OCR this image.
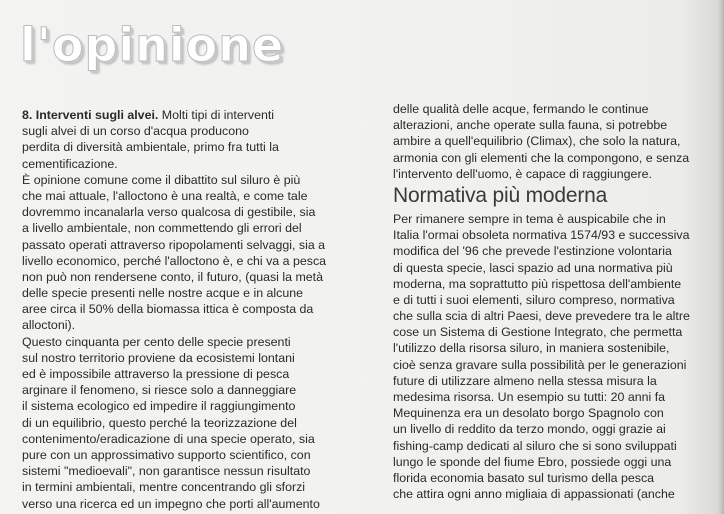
l'opinione
8. Interventi sugli alvei. Molti tipi di interventi
sugli alvei di un corso d'acqua producono
perdita di diversità ambientale, primo fra tutti la
cementificazione.
È opinione comune come il dibattito sul siluro è più
che mai attuale, l'alloctono è una realtà, e come tale
dovremmo incanalarla verso qualcosa di gestibile, sia
a livello ambientale, non commettendo gli errori del
passato operati attraverso ripopolamenti selvaggi, sia a
livello economico, perché l'alloctono è, e chi va a pesca
non può non rendersene conto, il futuro, (quasi la metà
delle specie presenti nelle nostre acque e in alcune
aree circa il 50% della biomassa ittica è composta da
alloctoni).
Questo cinquanta per cento delle specie presenti
sul nostro territorio proviene da ecosistemi lontani
ed è impossibile attraverso la pressione di pesca
arginare il fenomeno, si riesce solo a danneggiare
il sistema ecologico ed impedire il raggiungimento
di un equilibrio, questo perché la teorizzazione del
contenimento/eradicazione di una specie operato, sia
pure con un approssimativo supporto scientifico, con
sistemi "medioevali", non garantisce nessun risultato
in termini ambientali, mentre concentrando gli sforzi
verso una ricerca ed un impegno che porti all'aumento
delle qualità delle acque, fermando le continue
alterazioni, anche operate sulla fauna, si potrebbe
ambire a quell'equilibrio (Climax), che solo la natura,
armonia con gli elementi che la compongono, e senza
l'intervento dell'uomo, è capace di raggiungere.
Normativa più moderna
Per rimanere sempre in tema è auspicabile che in
Italia l'ormai obsoleta normativa 1574/93 e successiva
modifica del '96 che prevede l'estinzione volontaria
di questa specie, lasci spazio ad una normativa più
moderna, ma soprattutto più rispettosa dell'ambiente
e di tutti i suoi elementi, siluro compreso, normativa
che sulla scia di altri Paesi, deve prevedere tra le altre
cose un Sistema di Gestione Integrato, che permetta
l'utilizzo della risorsa siluro, in maniera sostenibile,
cioè senza gravare sulla possibilità per le generazioni
future di utilizzare almeno nella stessa misura la
medesima risorsa. Un esempio su tutti: 20 anni fa
Mequinenza era un desolato borgo Spagnolo con
un livello di reddito da terzo mondo, oggi grazie ai
fishing-camp dedicati al siluro che si sono sviluppati
lungo le sponde del fiume Ebro, possiede oggi una
florida economia basato sul turismo della pesca
che attira ogni anno migliaia di appassionati (anche
